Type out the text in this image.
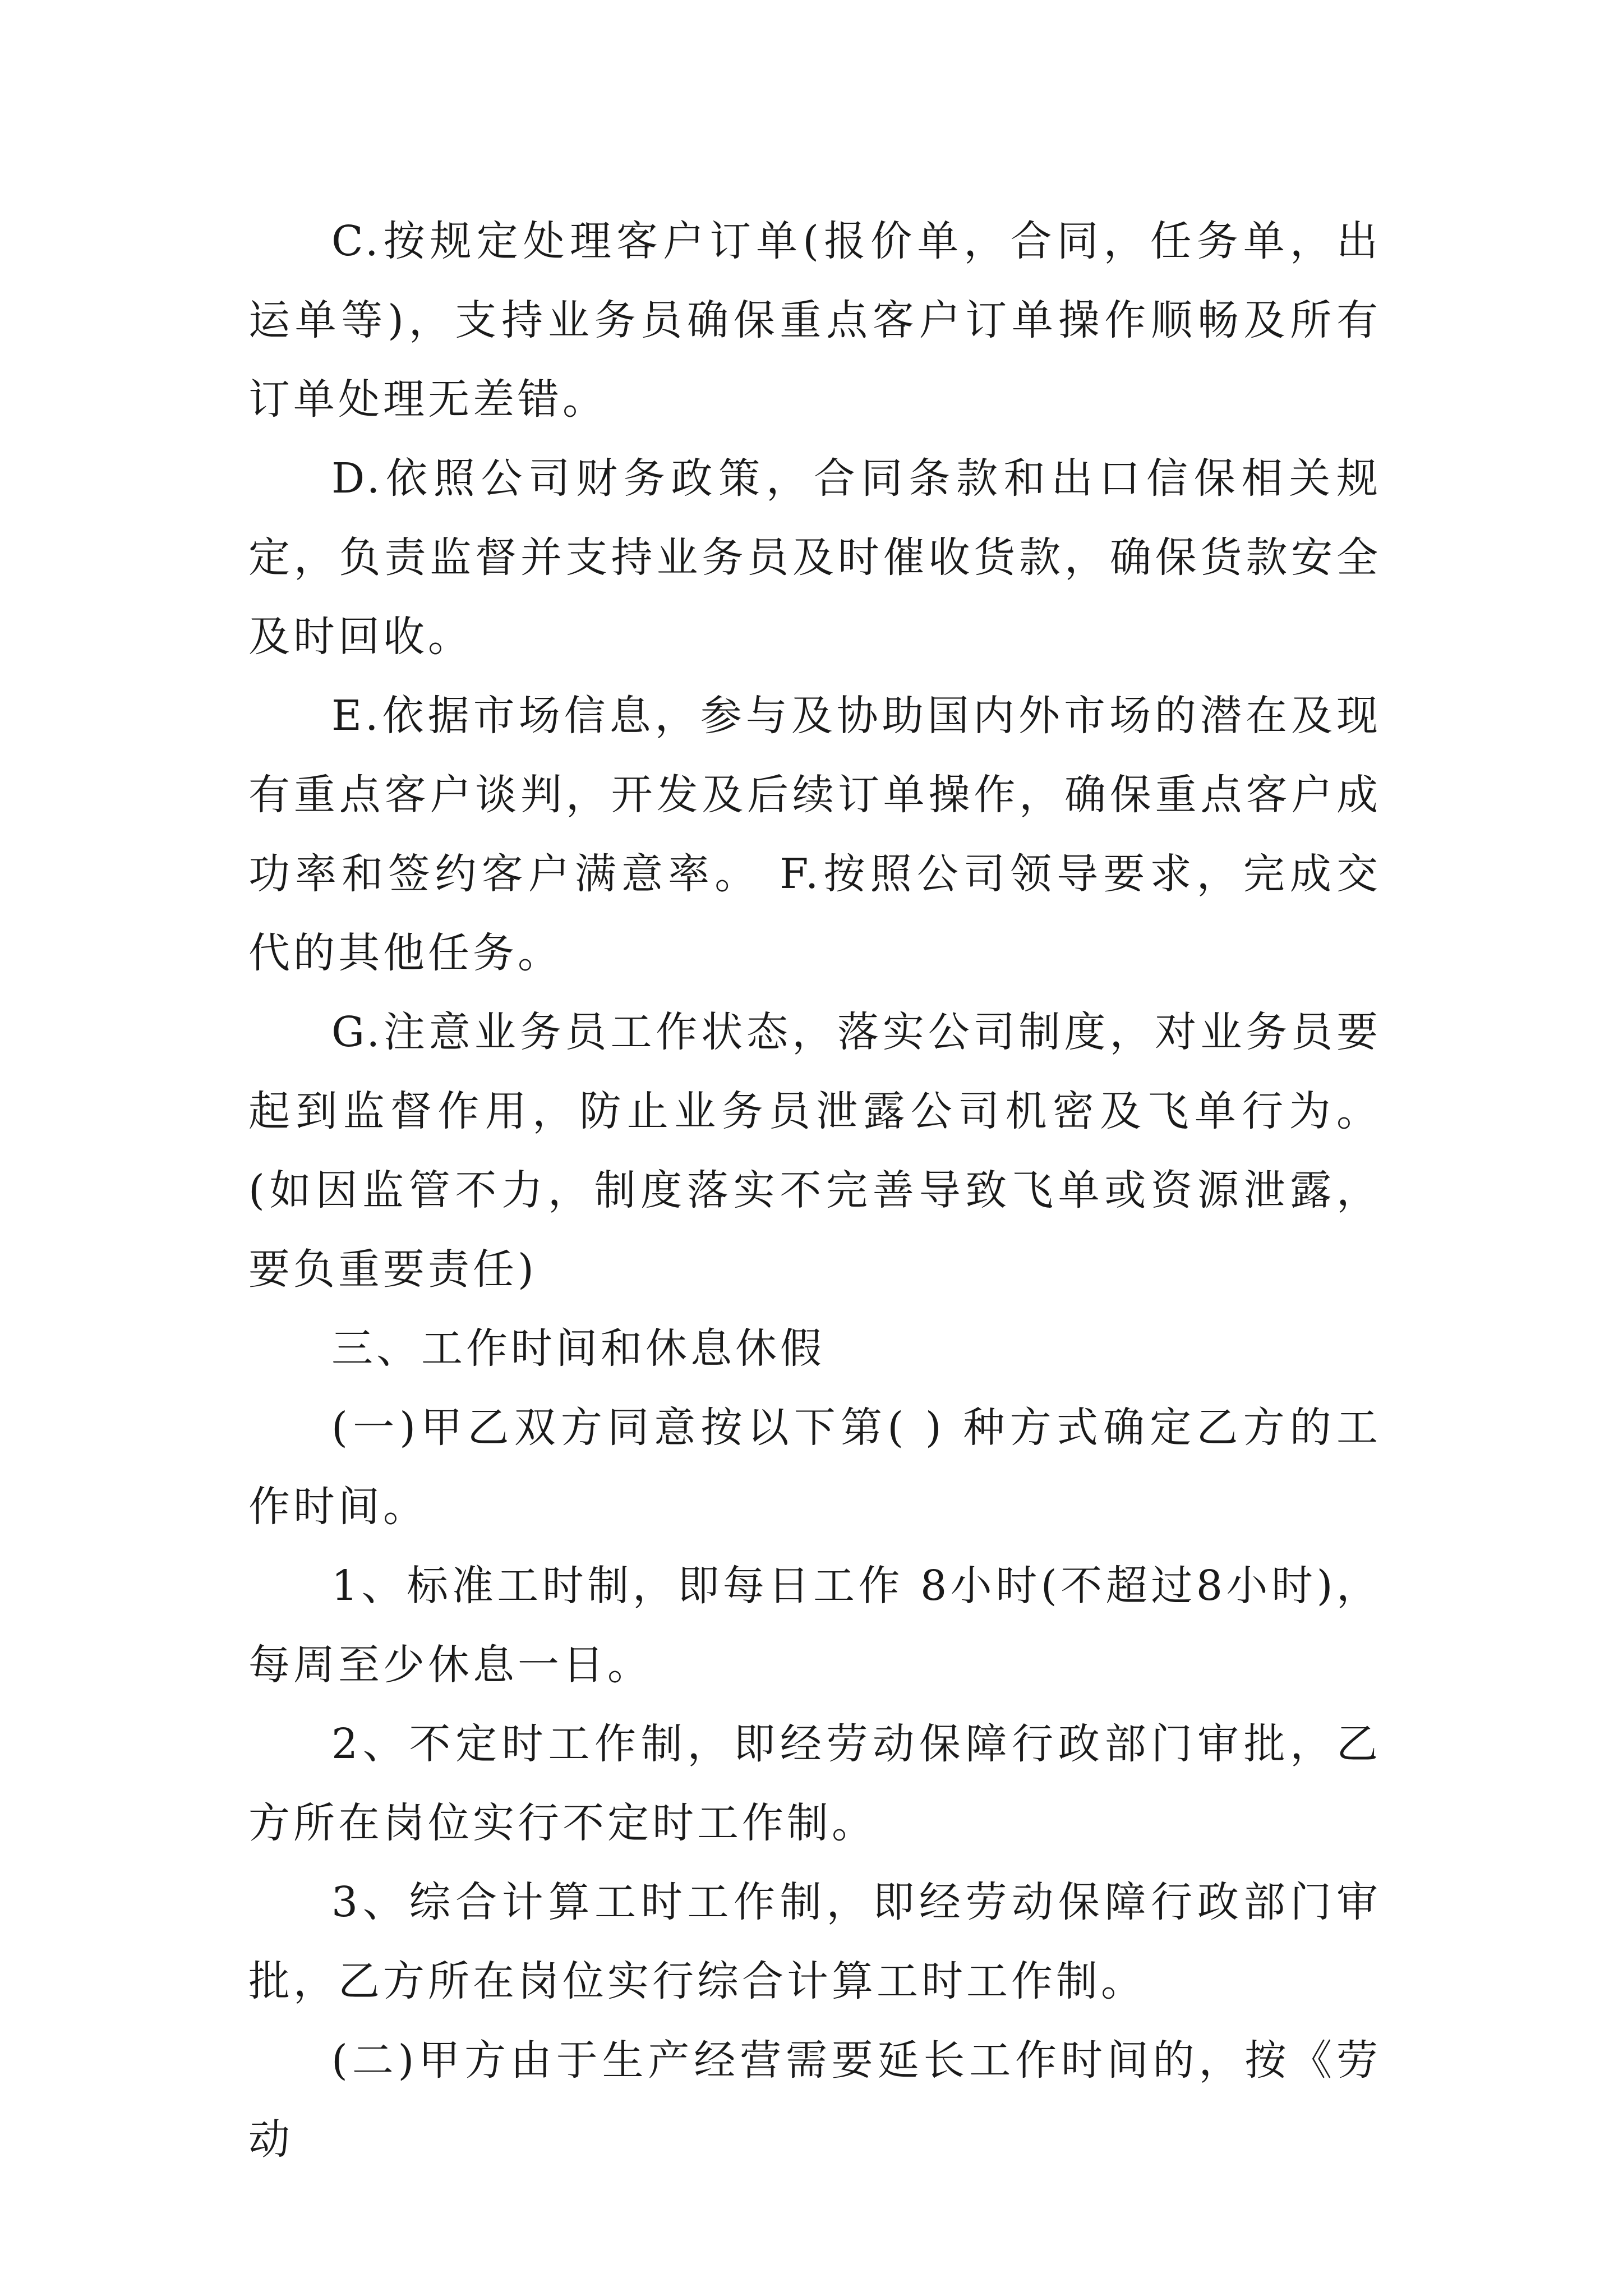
C.按规定处理客户订单(报价单，合同，任务单，出运单等)，支持业务员确保重点客户订单操作顺畅及所有订单处理无差错。

D.依照公司财务政策，合同条款和出口信保相关规定，负责监督并支持业务员及时催收货款，确保货款安全及时回收。

E.依据市场信息，参与及协助国内外市场的潜在及现有重点客户谈判，开发及后续订单操作，确保重点客户成功率和签约客户满意率。 F.按照公司领导要求，完成交代的其他任务。

G.注意业务员工作状态，落实公司制度，对业务员要起到监督作用，防止业务员泄露公司机密及飞单行为。(如因监管不力，制度落实不完善导致飞单或资源泄露，要负重要责任)

三、工作时间和休息休假

(一)甲乙双方同意按以下第( ) 种方式确定乙方的工作时间。

1、标准工时制，即每日工作 8小时(不超过8小时)，每周至少休息一日。

2、不定时工作制，即经劳动保障行政部门审批，乙方所在岗位实行不定时工作制。

3、综合计算工时工作制，即经劳动保障行政部门审批，乙方所在岗位实行综合计算工时工作制。

(二)甲方由于生产经营需要延长工作时间的，按《劳动
